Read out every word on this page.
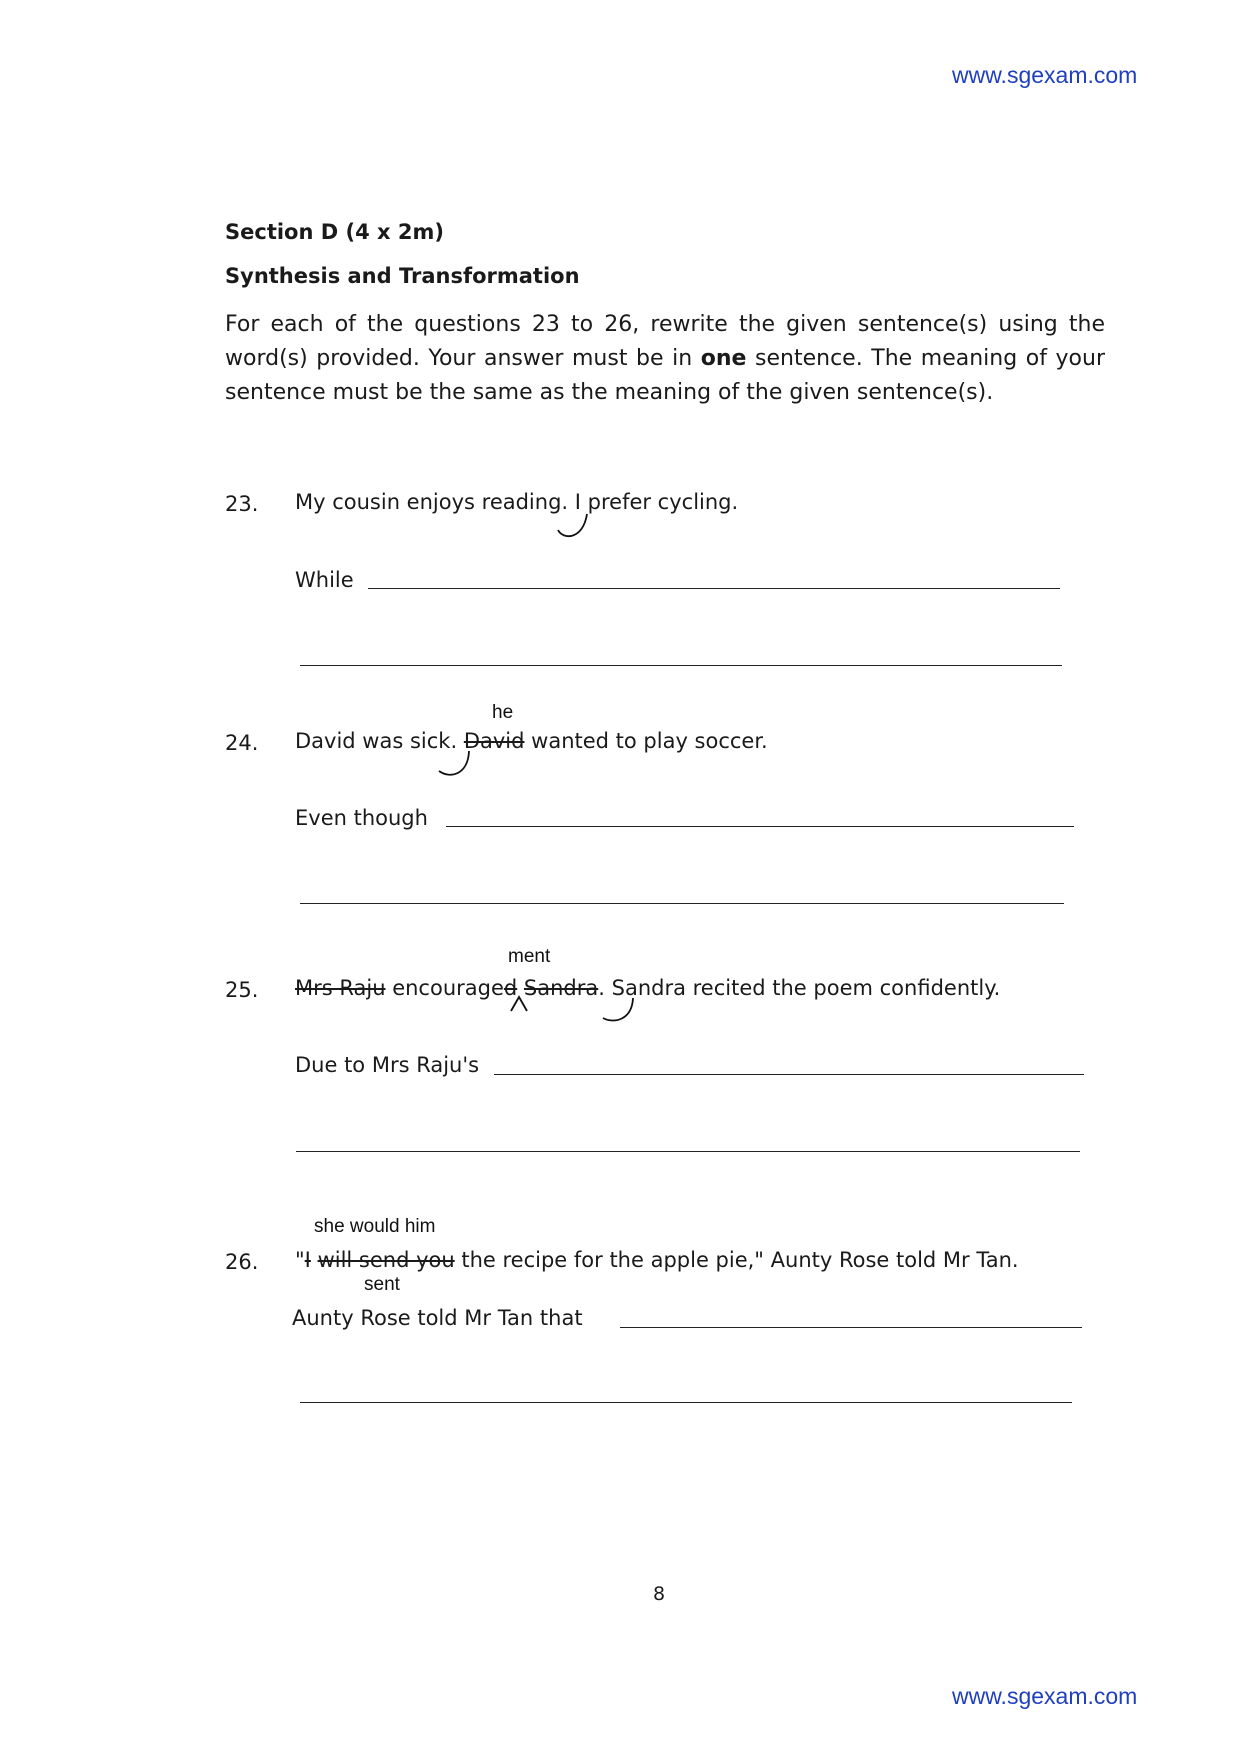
www.sgexam.com
Section D (4 x 2m)
Synthesis and Transformation
For each of the questions 23 to 26, rewrite the given sentence(s) using the word(s) provided. Your answer must be in one sentence. The meaning of your sentence must be the same as the meaning of the given sentence(s).
23. My cousin enjoys reading. I prefer cycling.
While
he
24. David was sick. David wanted to play soccer.
Even though
ment
25. Mrs Raju encouraged Sandra. Sandra recited the poem confidently.
Due to Mrs Raju's
she would him
26. "I will send you the recipe for the apple pie," Aunty Rose told Mr Tan.
sent
Aunty Rose told Mr Tan that
8
www.sgexam.com
